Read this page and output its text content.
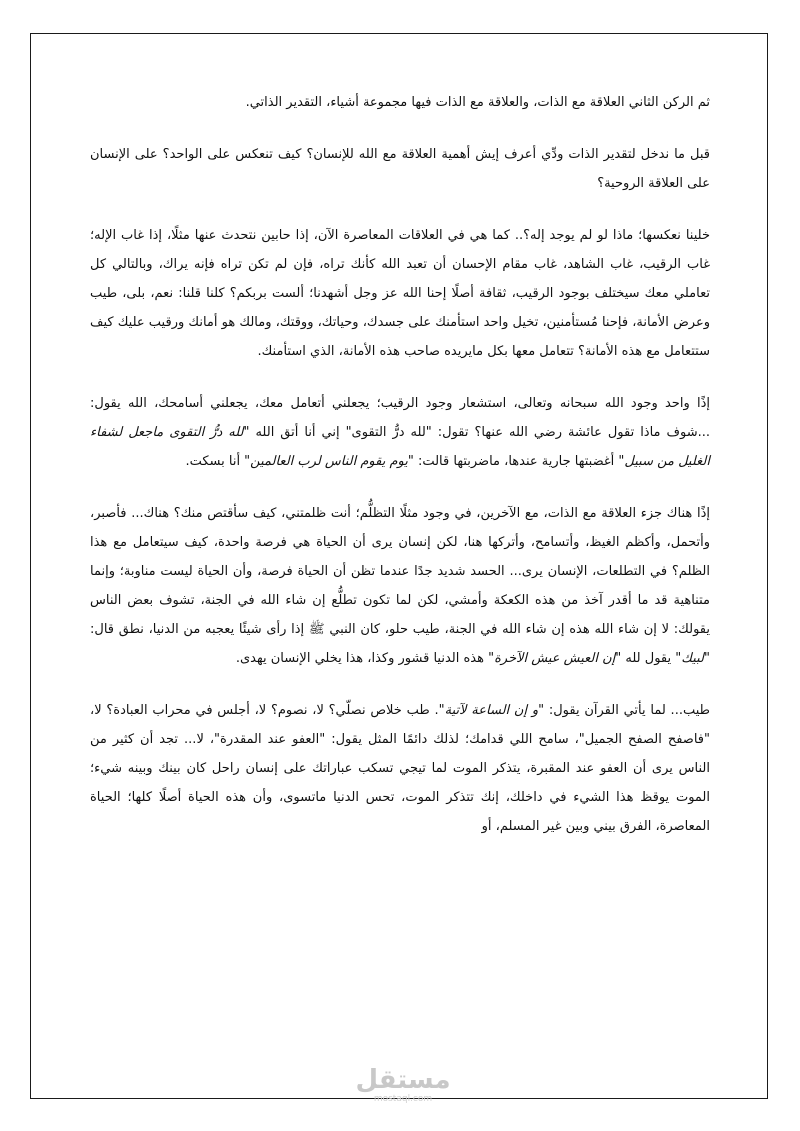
ثم الركن الثاني العلاقة مع الذات، والعلاقة مع الذات فيها مجموعة أشياء، التقدير الذاتي.

قبل ما ندخل لتقدير الذات ودِّي أعرف إيش أهمية العلاقة مع الله للإنسان؟ كيف تنعكس على الواحد؟ على الإنسان على العلاقة الروحية؟

خلينا نعكسها؛ ماذا لو لم يوجد إله؟.. كما هي في العلاقات المعاصرة الآن، إذا حابين نتحدث عنها مثلًا، إذا غاب الإله؛ غاب الرقيب، غاب الشاهد، غاب مقام الإحسان أن تعبد الله كأنك تراه، فإن لم تكن تراه فإنه يراك، وبالتالي كل تعاملي معك سيختلف بوجود الرقيب، ثقافة أصلًا إحنا الله عز وجل أشهدنا؛ ألست بربكم؟ كلنا قلنا: نعم، بلى، طيب وعرض الأمانة، فإحنا مُستأمنين، تخيل واحد استأمنك على جسدك، وحياتك، ووقتك، ومالك هو أمانك ورقيب عليك كيف ستتعامل مع هذه الأمانة؟ تتعامل معها بكل مايريده صاحب هذه الأمانة، الذي استأمنك.

إذًا واحد وجود الله سبحانه وتعالى، استشعار وجود الرقيب؛ يجعلني أتعامل معك، يجعلني أسامحك، الله يقول: ...شوف ماذا تقول عائشة رضي الله عنها؟ تقول: "لله درُّ التقوى" إني أنا أتق الله "لله درُّ التقوى ماجعل لشفاء الغليل من سبيل" أغضبتها جارية عندها، ماضربتها قالت: "يوم يقوم الناس لرب العالمين" أنا بسكت.

إذًا هناك جزء العلاقة مع الذات، مع الآخرين، في وجود مثلًا التظلُّم؛ أنت ظلمتني، كيف سأقتص منك؟ هناك... فأصبر، وأتحمل، وأكظم الغيظ، وأتسامح، وأتركها هنا، لكن إنسان يرى أن الحياة هي فرصة واحدة، كيف سيتعامل مع هذا الظلم؟ في التطلعات، الإنسان يرى... الحسد شديد جدًا عندما تظن أن الحياة فرصة، وأن الحياة ليست مناوبة؛ وإنما متناهية قد ما أقدر آخذ من هذه الكعكة وأمشي، لكن لما تكون تطلُّع إن شاء الله في الجنة، تشوف بعض الناس يقولك: لا إن شاء الله هذه إن شاء الله في الجنة، طيب حلو، كان النبي ﷺ إذا رأى شيئًا يعجبه من الدنيا، نطق قال: "لبيك" يقول لله "إن العيش عيش الآخرة" هذه الدنيا قشور وكذا، هذا يخلي الإنسان يهدى.

طيب... لما يأتي القرآن يقول: "و إن الساعة لآتية". طب خلاص نصلّي؟ لا، نصوم؟ لا، أجلس في محراب العبادة؟ لا، "فاصفح الصفح الجميل"، سامح اللي قدامك؛ لذلك دائمًا المثل يقول: "العفو عند المقدرة"، لا... تجد أن كثير من الناس يرى أن العفو عند المقبرة، يتذكر الموت لما تيجي تسكب عباراتك على إنسان راحل كان بينك وبينه شيء؛ الموت يوقظ هذا الشيء في داخلك، إنك تتذكر الموت، تحس الدنيا ماتسوى، وأن هذه الحياة أصلًا كلها؛ الحياة المعاصرة، الفرق بيني وبين غير المسلم، أو

مستقل
mostaql.com
